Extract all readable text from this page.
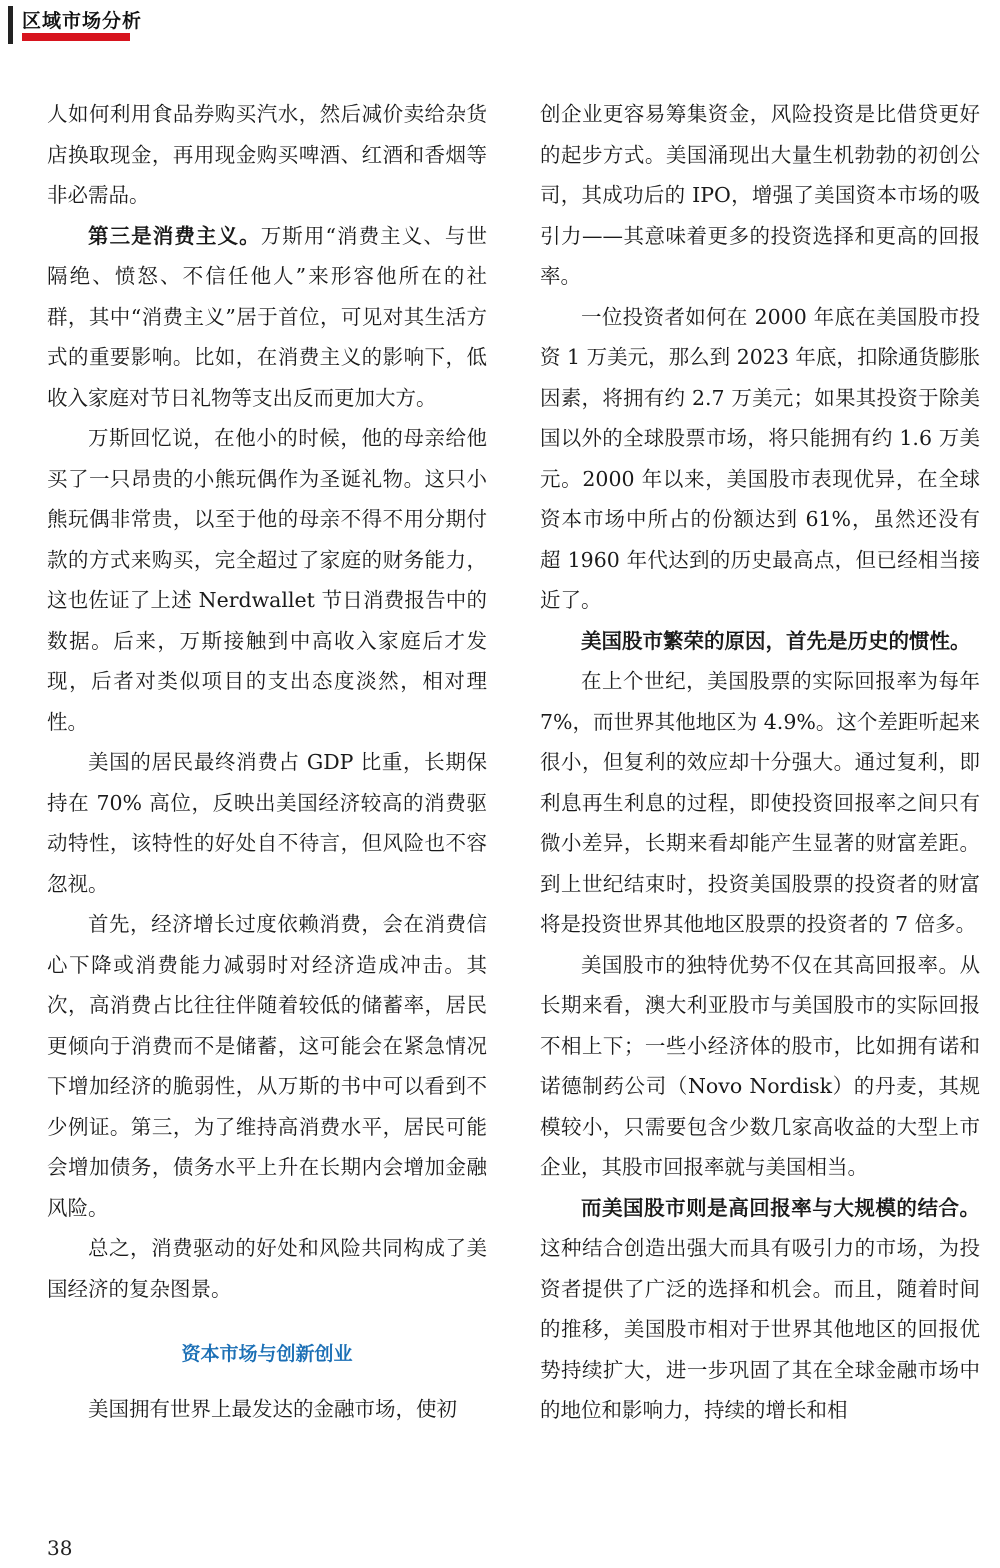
区域市场分析

人如何利用食品券购买汽水，然后减价卖给杂货店换取现金，再用现金购买啤酒、红酒和香烟等非必需品。

第三是消费主义。万斯用“消费主义、与世隔绝、愤怒、不信任他人”来形容他所在的社群，其中“消费主义”居于首位，可见对其生活方式的重要影响。比如，在消费主义的影响下，低收入家庭对节日礼物等支出反而更加大方。

万斯回忆说，在他小的时候，他的母亲给他买了一只昂贵的小熊玩偶作为圣诞礼物。这只小熊玩偶非常贵，以至于他的母亲不得不用分期付款的方式来购买，完全超过了家庭的财务能力，这也佐证了上述 Nerdwallet 节日消费报告中的数据。后来，万斯接触到中高收入家庭后才发现，后者对类似项目的支出态度淡然，相对理性。

美国的居民最终消费占 GDP 比重，长期保持在 70% 高位，反映出美国经济较高的消费驱动特性，该特性的好处自不待言，但风险也不容忽视。

首先，经济增长过度依赖消费，会在消费信心下降或消费能力减弱时对经济造成冲击。其次，高消费占比往往伴随着较低的储蓄率，居民更倾向于消费而不是储蓄，这可能会在紧急情况下增加经济的脆弱性，从万斯的书中可以看到不少例证。第三，为了维持高消费水平，居民可能会增加债务，债务水平上升在长期内会增加金融风险。

总之，消费驱动的好处和风险共同构成了美国经济的复杂图景。

资本市场与创新创业

美国拥有世界上最发达的金融市场，使初

创企业更容易筹集资金，风险投资是比借贷更好的起步方式。美国涌现出大量生机勃勃的初创公司，其成功后的 IPO，增强了美国资本市场的吸引力——其意味着更多的投资选择和更高的回报率。

一位投资者如何在 2000 年底在美国股市投资 1 万美元，那么到 2023 年底，扣除通货膨胀因素，将拥有约 2.7 万美元；如果其投资于除美国以外的全球股票市场，将只能拥有约 1.6 万美元。2000 年以来，美国股市表现优异，在全球资本市场中所占的份额达到 61%，虽然还没有超 1960 年代达到的历史最高点，但已经相当接近了。

美国股市繁荣的原因，首先是历史的惯性。

在上个世纪，美国股票的实际回报率为每年 7%，而世界其他地区为 4.9%。这个差距听起来很小，但复利的效应却十分强大。通过复利，即利息再生利息的过程，即使投资回报率之间只有微小差异，长期来看却能产生显著的财富差距。到上世纪结束时，投资美国股票的投资者的财富将是投资世界其他地区股票的投资者的 7 倍多。

美国股市的独特优势不仅在其高回报率。从长期来看，澳大利亚股市与美国股市的实际回报不相上下；一些小经济体的股市，比如拥有诺和诺德制药公司（Novo Nordisk）的丹麦，其规模较小，只需要包含少数几家高收益的大型上市企业，其股市回报率就与美国相当。

而美国股市则是高回报率与大规模的结合。这种结合创造出强大而具有吸引力的市场，为投资者提供了广泛的选择和机会。而且，随着时间的推移，美国股市相对于世界其他地区的回报优势持续扩大，进一步巩固了其在全球金融市场中的地位和影响力，持续的增长和相

38
